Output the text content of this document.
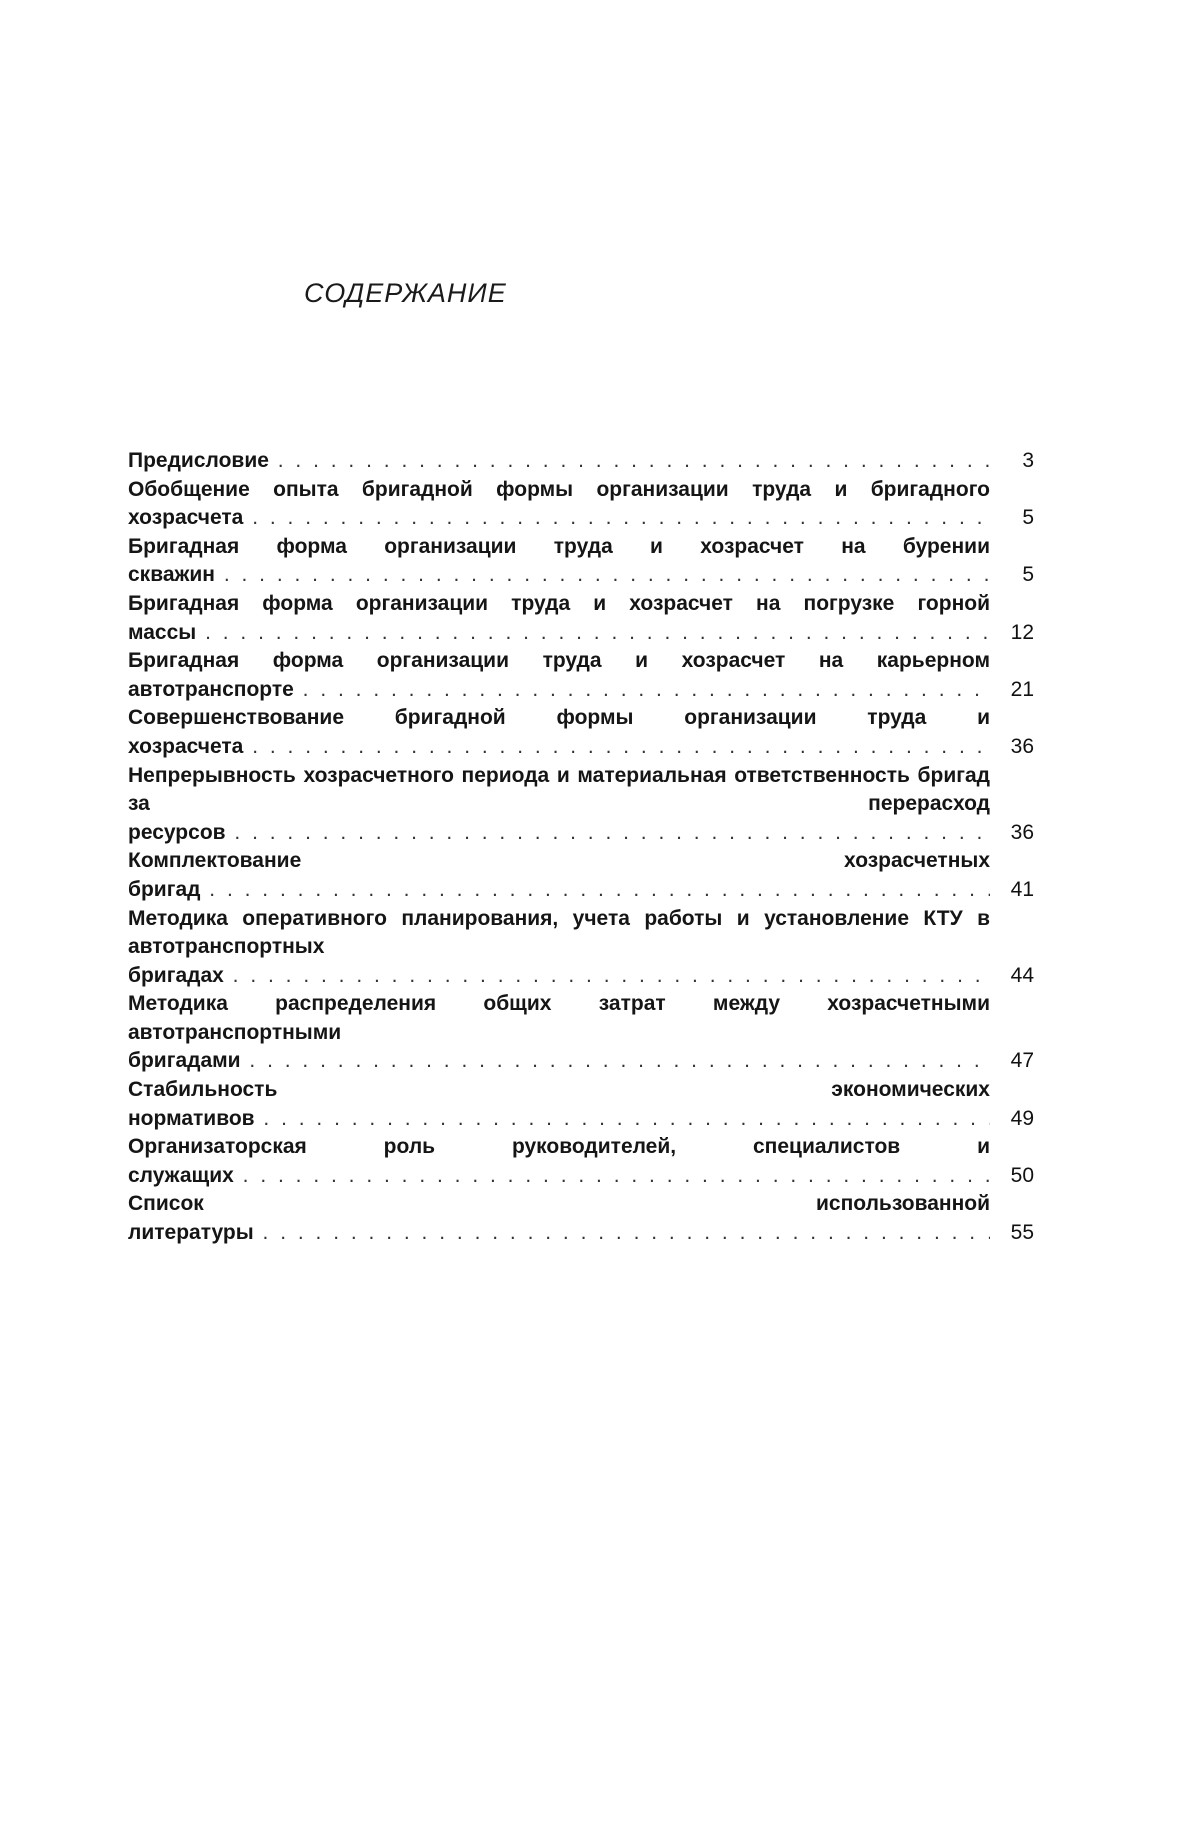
СОДЕРЖАНИЕ
Предисловие . . .	3
Обобщение опыта бригадной формы организации труда и бригадного хозрасчета . . .	5
Бригадная форма организации труда и хозрасчет на бурении скважин . . .	5
Бригадная форма организации труда и хозрасчет на погрузке горной массы . . .	12
Бригадная форма организации труда и хозрасчет на карьерном автотранспорте . . .	21
Совершенствование бригадной формы организации труда и хозрасчета . . .	36
Непрерывность хозрасчетного периода и материальная ответственность бригад за перерасход ресурсов . . .	36
Комплектование хозрасчетных бригад . . .	41
Методика оперативного планирования, учета работы и установление КТУ в автотранспортных бригадах . . .	44
Методика распределения общих затрат между хозрасчетными автотранспортными бригадами . . .	47
Стабильность экономических нормативов . . .	49
Организаторская роль руководителей, специалистов и служащих . . .	50
Список использованной литературы . . .	55
